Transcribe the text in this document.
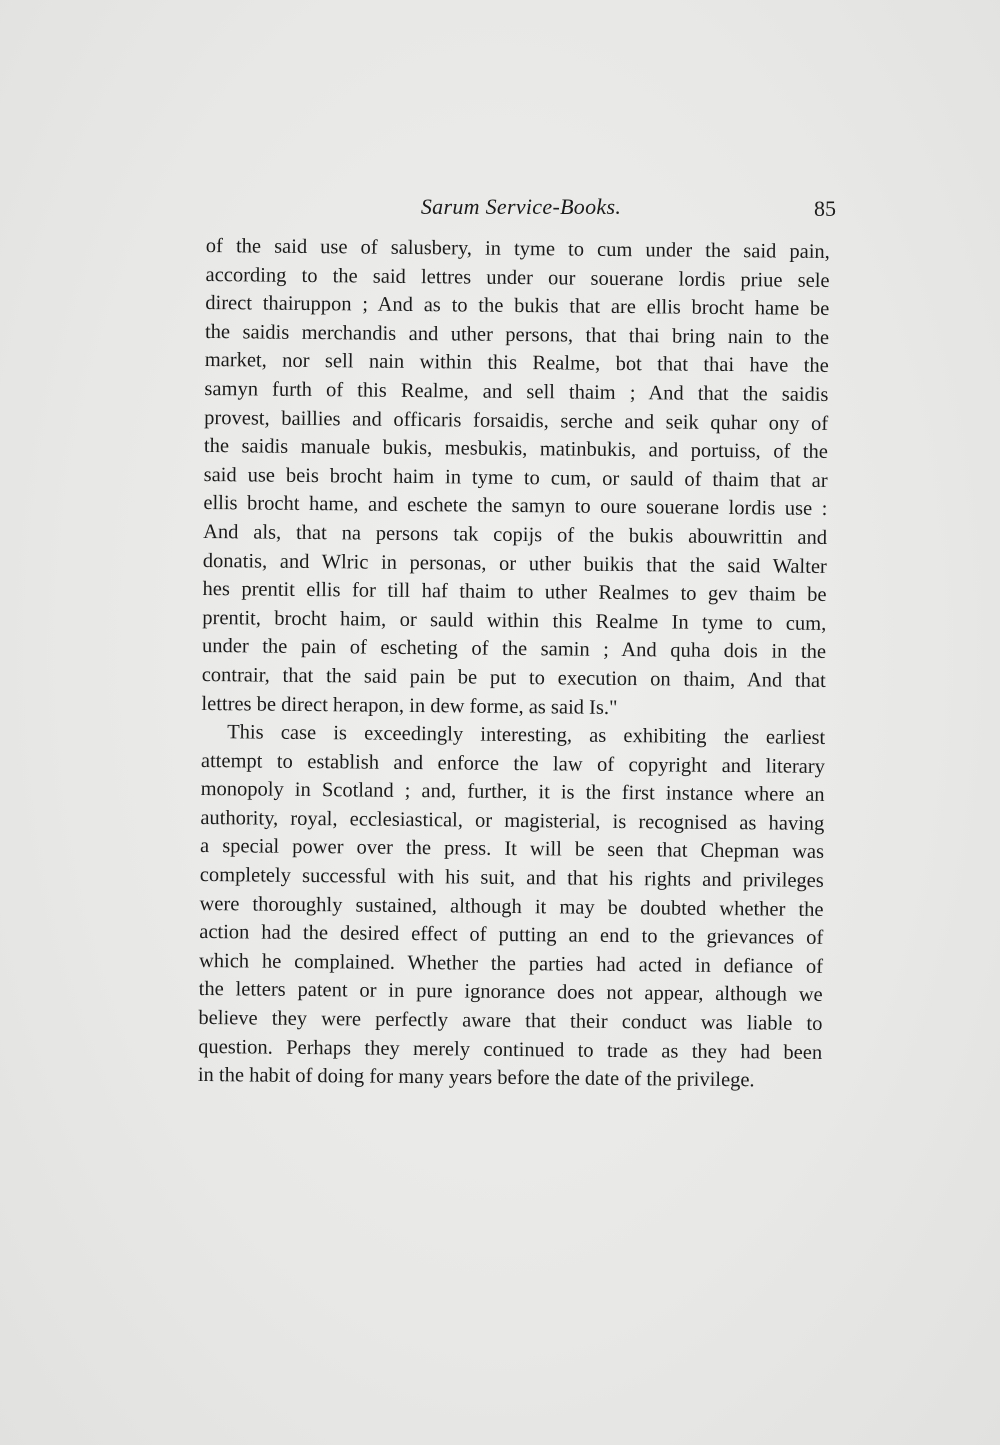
Sarum Service-Books.	85
of the said use of salusbery, in tyme to cum under the said pain,
according to the said lettres under our souerane lordis priue sele
direct thairuppon ; And as to the bukis that are ellis brocht hame be
the saidis merchandis and uther persons, that thai bring nain to the
market, nor sell nain within this Realme, bot that thai have the
samyn furth of this Realme, and sell thaim ; And that the saidis
provest, baillies and officaris forsaidis, serche and seik quhar ony of
the saidis manuale bukis, mesbukis, matinbukis, and portuiss, of the
said use beis brocht haim in tyme to cum, or sauld of thaim that ar
ellis brocht hame, and eschete the samyn to oure souerane lordis use :
And als, that na persons tak copijs of the bukis abouwrittin and
donatis, and Wlric in personas, or uther buikis that the said Walter
hes prentit ellis for till haf thaim to uther Realmes to gev thaim be
prentit, brocht haim, or sauld within this Realme In tyme to cum,
under the pain of escheting of the samin ; And quha dois in the
contrair, that the said pain be put to execution on thaim, And that
lettres be direct herapon, in dew forme, as said Is."
This case is exceedingly interesting, as exhibiting the earliest
attempt to establish and enforce the law of copyright and literary
monopoly in Scotland ; and, further, it is the first instance where an
authority, royal, ecclesiastical, or magisterial, is recognised as having
a special power over the press. It will be seen that Chepman was
completely successful with his suit, and that his rights and privileges
were thoroughly sustained, although it may be doubted whether the
action had the desired effect of putting an end to the grievances of
which he complained. Whether the parties had acted in defiance of
the letters patent or in pure ignorance does not appear, although we
believe they were perfectly aware that their conduct was liable to
question. Perhaps they merely continued to trade as they had been
in the habit of doing for many years before the date of the privilege.
